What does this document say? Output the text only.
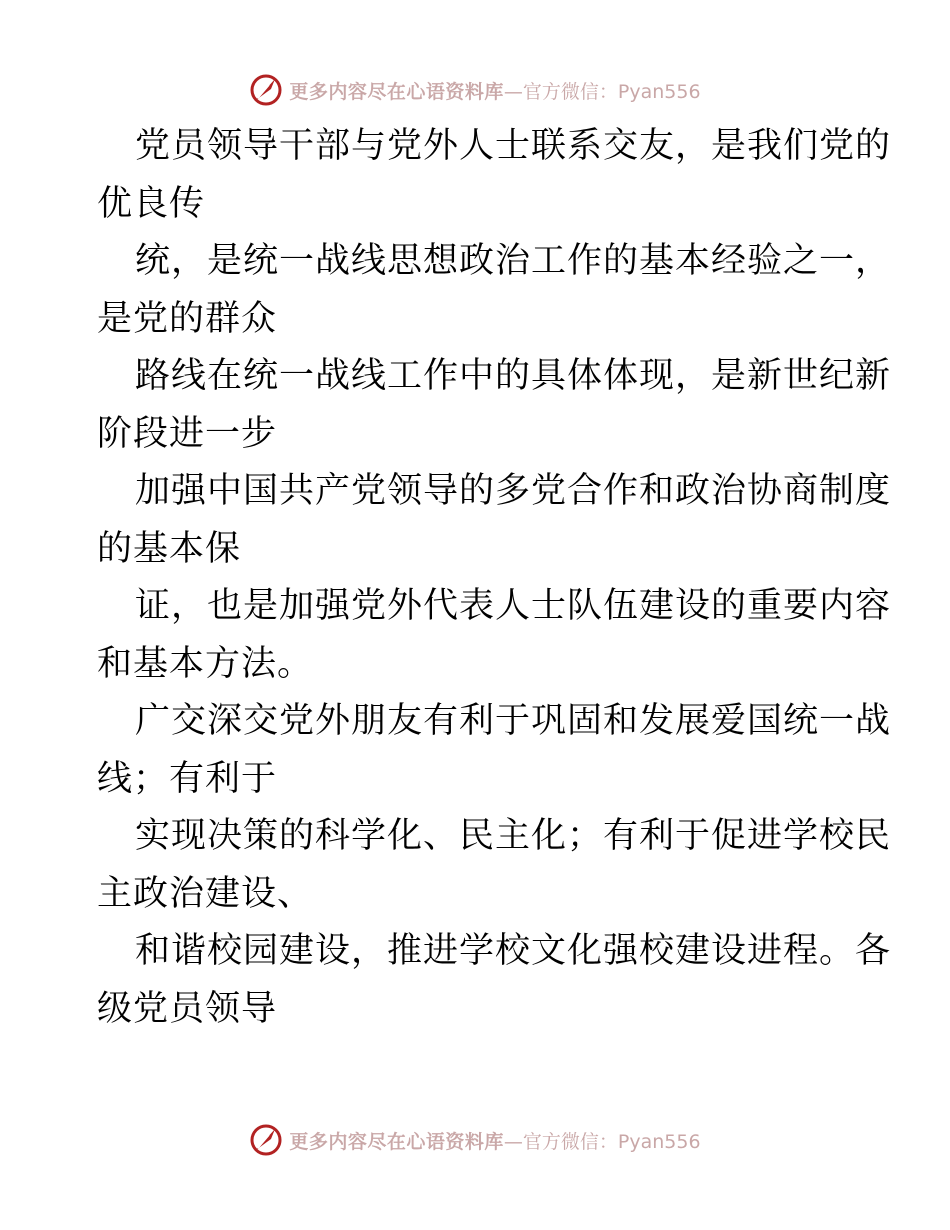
更多内容尽在心语资料库 —官方微信：Pyan556
党员领导干部与党外人士联系交友，是我们党的
优良传
统，是统一战线思想政治工作的基本经验之一，
是党的群众
路线在统一战线工作中的具体体现，是新世纪新
阶段进一步
加强中国共产党领导的多党合作和政治协商制度
的基本保
证，也是加强党外代表人士队伍建设的重要内容
和基本方法。
广交深交党外朋友有利于巩固和发展爱国统一战
线；有利于
实现决策的科学化、民主化；有利于促进学校民
主政治建设、
和谐校园建设，推进学校文化强校建设进程。各
级党员领导
更多内容尽在心语资料库 —官方微信：Pyan556
